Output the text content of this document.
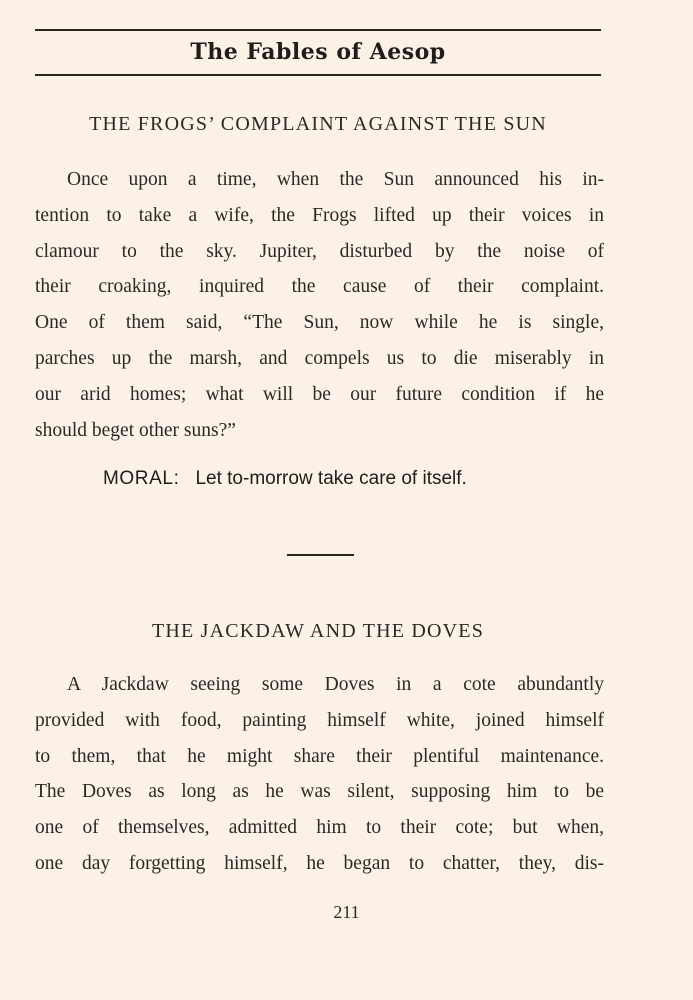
The Fables of Aesop
THE FROGS’ COMPLAINT AGAINST THE SUN
Once upon a time, when the Sun announced his in-
tention to take a wife, the Frogs lifted up their voices in
clamour to the sky. Jupiter, disturbed by the noise of
their croaking, inquired the cause of their complaint.
One of them said, “The Sun, now while he is single,
parches up the marsh, and compels us to die miserably in
our arid homes; what will be our future condition if he
should beget other suns?”
MORAL: Let to-morrow take care of itself.
THE JACKDAW AND THE DOVES
A Jackdaw seeing some Doves in a cote abundantly
provided with food, painting himself white, joined himself
to them, that he might share their plentiful maintenance.
The Doves as long as he was silent, supposing him to be
one of themselves, admitted him to their cote; but when,
one day forgetting himself, he began to chatter, they, dis-
211
